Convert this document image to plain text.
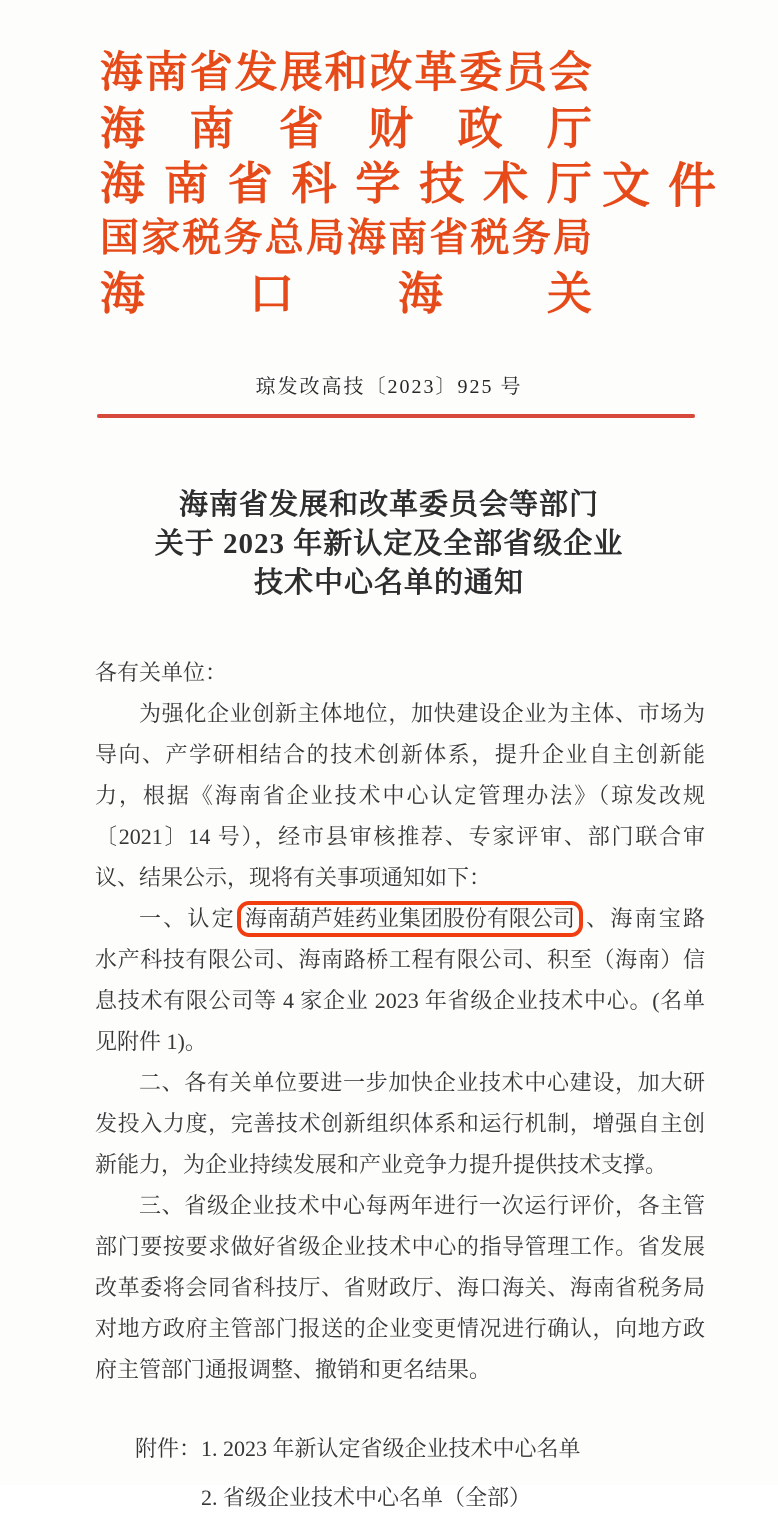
海 南 省 发 展 和 改 革 委 员 会
海 南 省 财 政 厅
海 南 省 科 学 技 术 厅
国 家 税 务 总 局 海 南 省 税 务 局
海 口 海 关
文 件
琼发改高技〔2023〕925 号
海南省发展和改革委员会等部门
关于 2023 年新认定及全部省级企业
技术中心名单的通知

各有关单位：

为强化企业创新主体地位，加快建设企业为主体、市场为导向、产学研相结合的技术创新体系，提升企业自主创新能力，根据《海南省企业技术中心认定管理办法》（琼发改规〔2021〕14 号），经市县审核推荐、专家评审、部门联合审议、结果公示，现将有关事项通知如下：

一、认定 海南葫芦娃药业集团股份有限公司 、海南宝路水产科技有限公司、海南路桥工程有限公司、积至（海南）信息技术有限公司等 4 家企业 2023 年省级企业技术中心。(名单见附件 1)。

二、各有关单位要进一步加快企业技术中心建设，加大研发投入力度，完善技术创新组织体系和运行机制，增强自主创新能力，为企业持续发展和产业竞争力提升提供技术支撑。

三、省级企业技术中心每两年进行一次运行评价，各主管部门要按要求做好省级企业技术中心的指导管理工作。省发展改革委将会同省科技厅、省财政厅、海口海关、海南省税务局对地方政府主管部门报送的企业变更情况进行确认，向地方政府主管部门通报调整、撤销和更名结果。

附件： 1. 2023 年新认定省级企业技术中心名单
2. 省级企业技术中心名单（全部）
